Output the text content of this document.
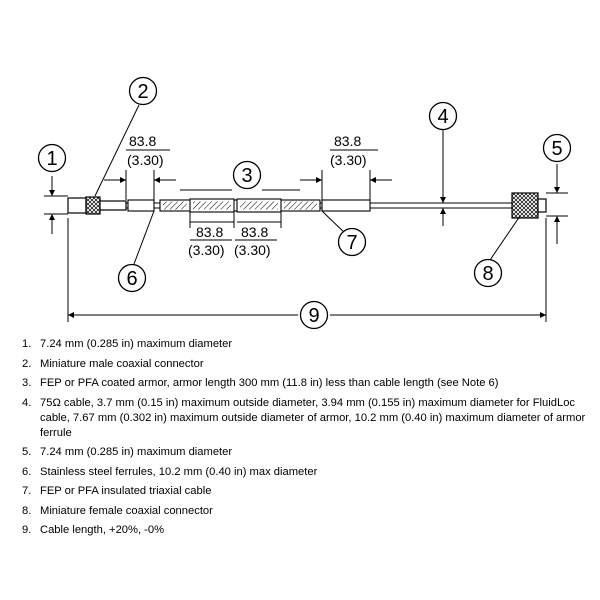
83.8
(3.30)
83.8
(3.30)
83.8
(3.30)
83.8
(3.30)
1
2
3
4
5
6
7
8
9
1. 7.24 mm (0.285 in) maximum diameter
2. Miniature male coaxial connector
3. FEP or PFA coated armor, armor length 300 mm (11.8 in) less than cable length (see Note 6)
4. 75Ω cable, 3.7 mm (0.15 in) maximum outside diameter, 3.94 mm (0.155 in) maximum diameter for FluidLoc cable, 7.67 mm (0.302 in) maximum outside diameter of armor, 10.2 mm (0.40 in) maximum diameter of armor ferrule
5. 7.24 mm (0.285 in) maximum diameter
6. Stainless steel ferrules, 10.2 mm (0.40 in) max diameter
7. FEP or PFA insulated triaxial cable
8. Miniature female coaxial connector
9. Cable length, +20%, -0%
